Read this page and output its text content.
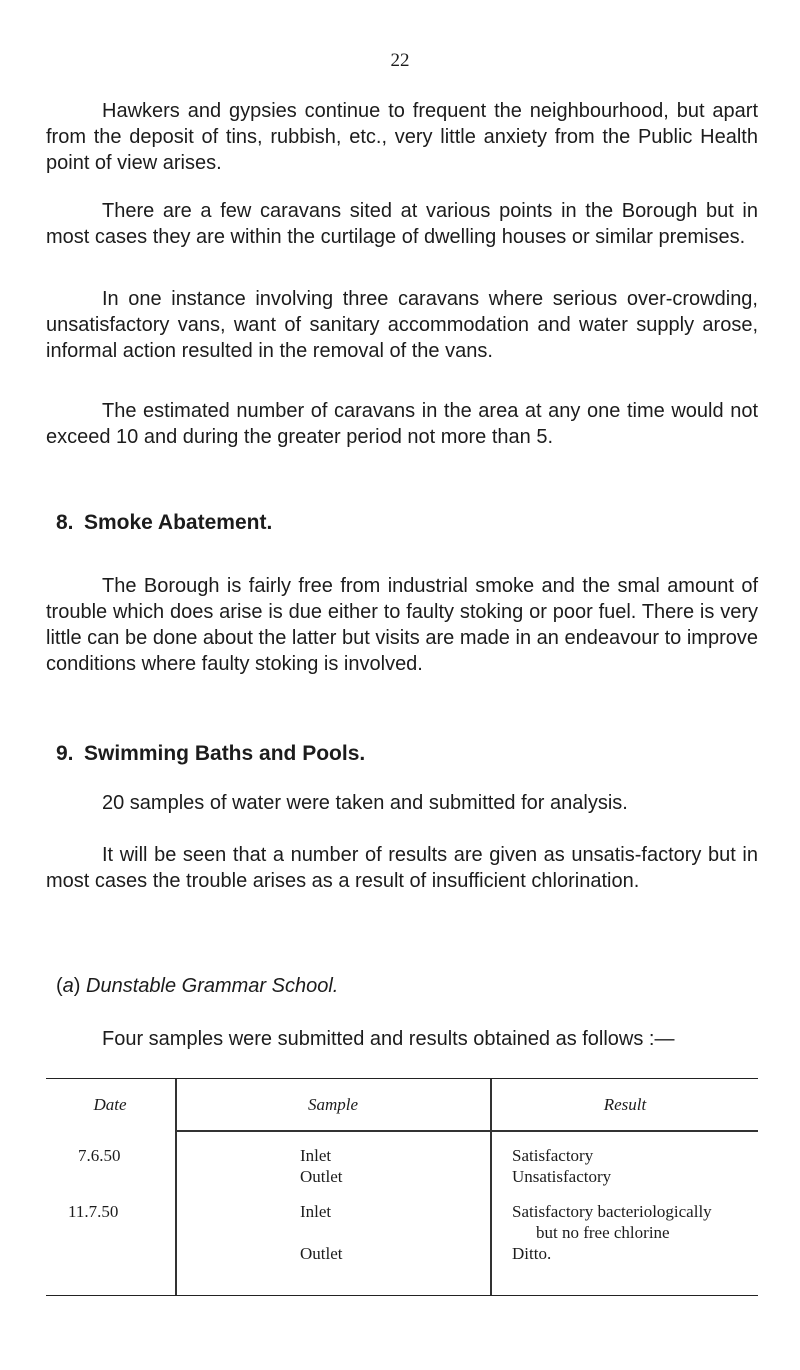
22

Hawkers and gypsies continue to frequent the neighbourhood, but apart from the deposit of tins, rubbish, etc., very little anxiety from the Public Health point of view arises.

There are a few caravans sited at various points in the Borough but in most cases they are within the curtilage of dwelling houses or similar premises.

In one instance involving three caravans where serious over-crowding, unsatisfactory vans, want of sanitary accommodation and water supply arose, informal action resulted in the removal of the vans.

The estimated number of caravans in the area at any one time would not exceed 10 and during the greater period not more than 5.

8. Smoke Abatement.

The Borough is fairly free from industrial smoke and the smal amount of trouble which does arise is due either to faulty stoking or poor fuel. There is very little can be done about the latter but visits are made in an endeavour to improve conditions where faulty stoking is involved.

9. Swimming Baths and Pools.

20 samples of water were taken and submitted for analysis.

It will be seen that a number of results are given as unsatis-factory but in most cases the trouble arises as a result of insufficient chlorination.

(a) Dunstable Grammar School.

Four samples were submitted and results obtained as follows :—

Date	Sample	Result
7.6.50	Inlet	Satisfactory
Outlet	Unsatisfactory
11.7.50	Inlet	Satisfactory bacteriologically
but no free chlorine
Outlet	Ditto.
